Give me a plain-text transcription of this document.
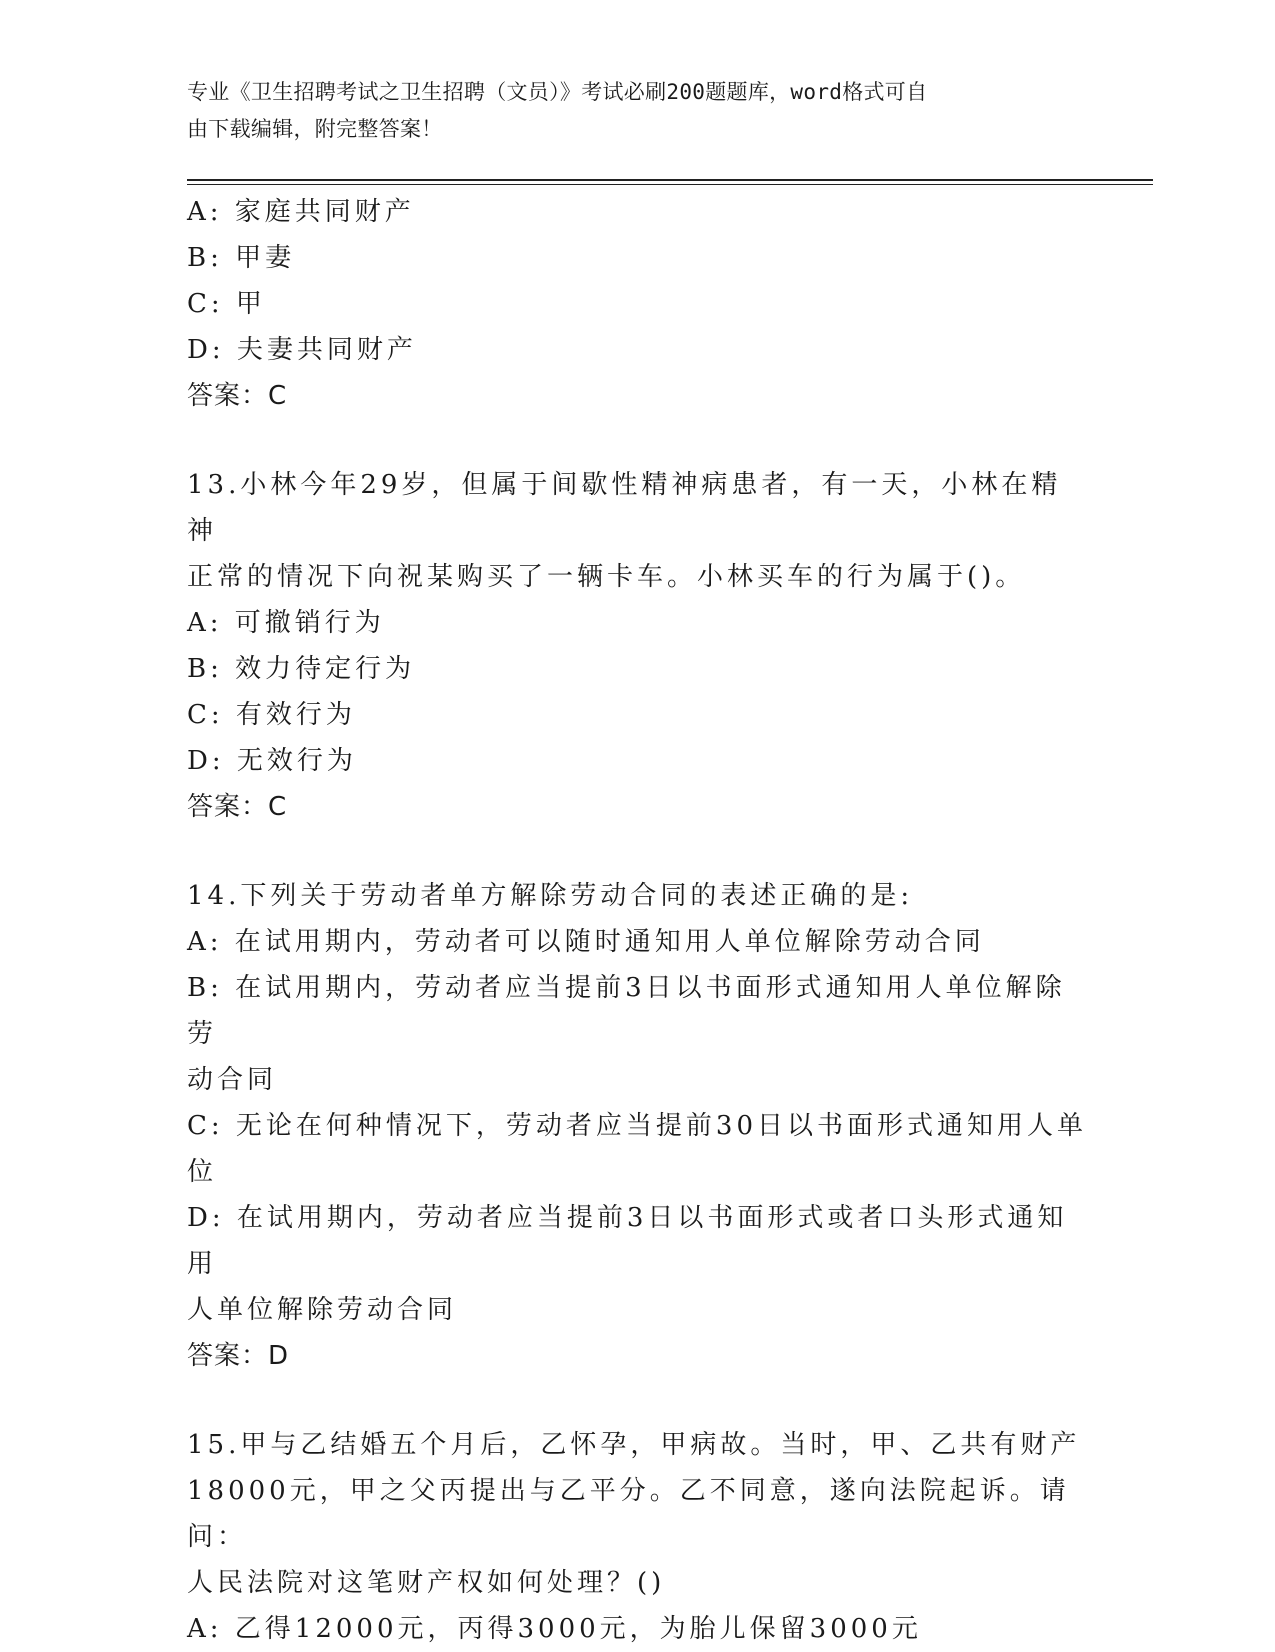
专业《卫生招聘考试之卫生招聘（文员）》考试必刷200题题库，word格式可自
由下载编辑，附完整答案！

A: 家庭共同财产

B: 甲妻

C: 甲

D: 夫妻共同财产

答案：C

13.小林今年29岁，但属于间歇性精神病患者，有一天，小林在精神

正常的情况下向祝某购买了一辆卡车。小林买车的行为属于()。

A: 可撤销行为

B: 效力待定行为

C: 有效行为

D: 无效行为

答案：C

14.下列关于劳动者单方解除劳动合同的表述正确的是:

A: 在试用期内，劳动者可以随时通知用人单位解除劳动合同

B: 在试用期内，劳动者应当提前3日以书面形式通知用人单位解除劳

动合同

C: 无论在何种情况下，劳动者应当提前30日以书面形式通知用人单

位

D: 在试用期内，劳动者应当提前3日以书面形式或者口头形式通知用

人单位解除劳动合同

答案：D

15.甲与乙结婚五个月后，乙怀孕，甲病故。当时，甲、乙共有财产

18000元，甲之父丙提出与乙平分。乙不同意，遂向法院起诉。请问：

人民法院对这笔财产权如何处理？()

A: 乙得12000元，丙得3000元，为胎儿保留3000元
